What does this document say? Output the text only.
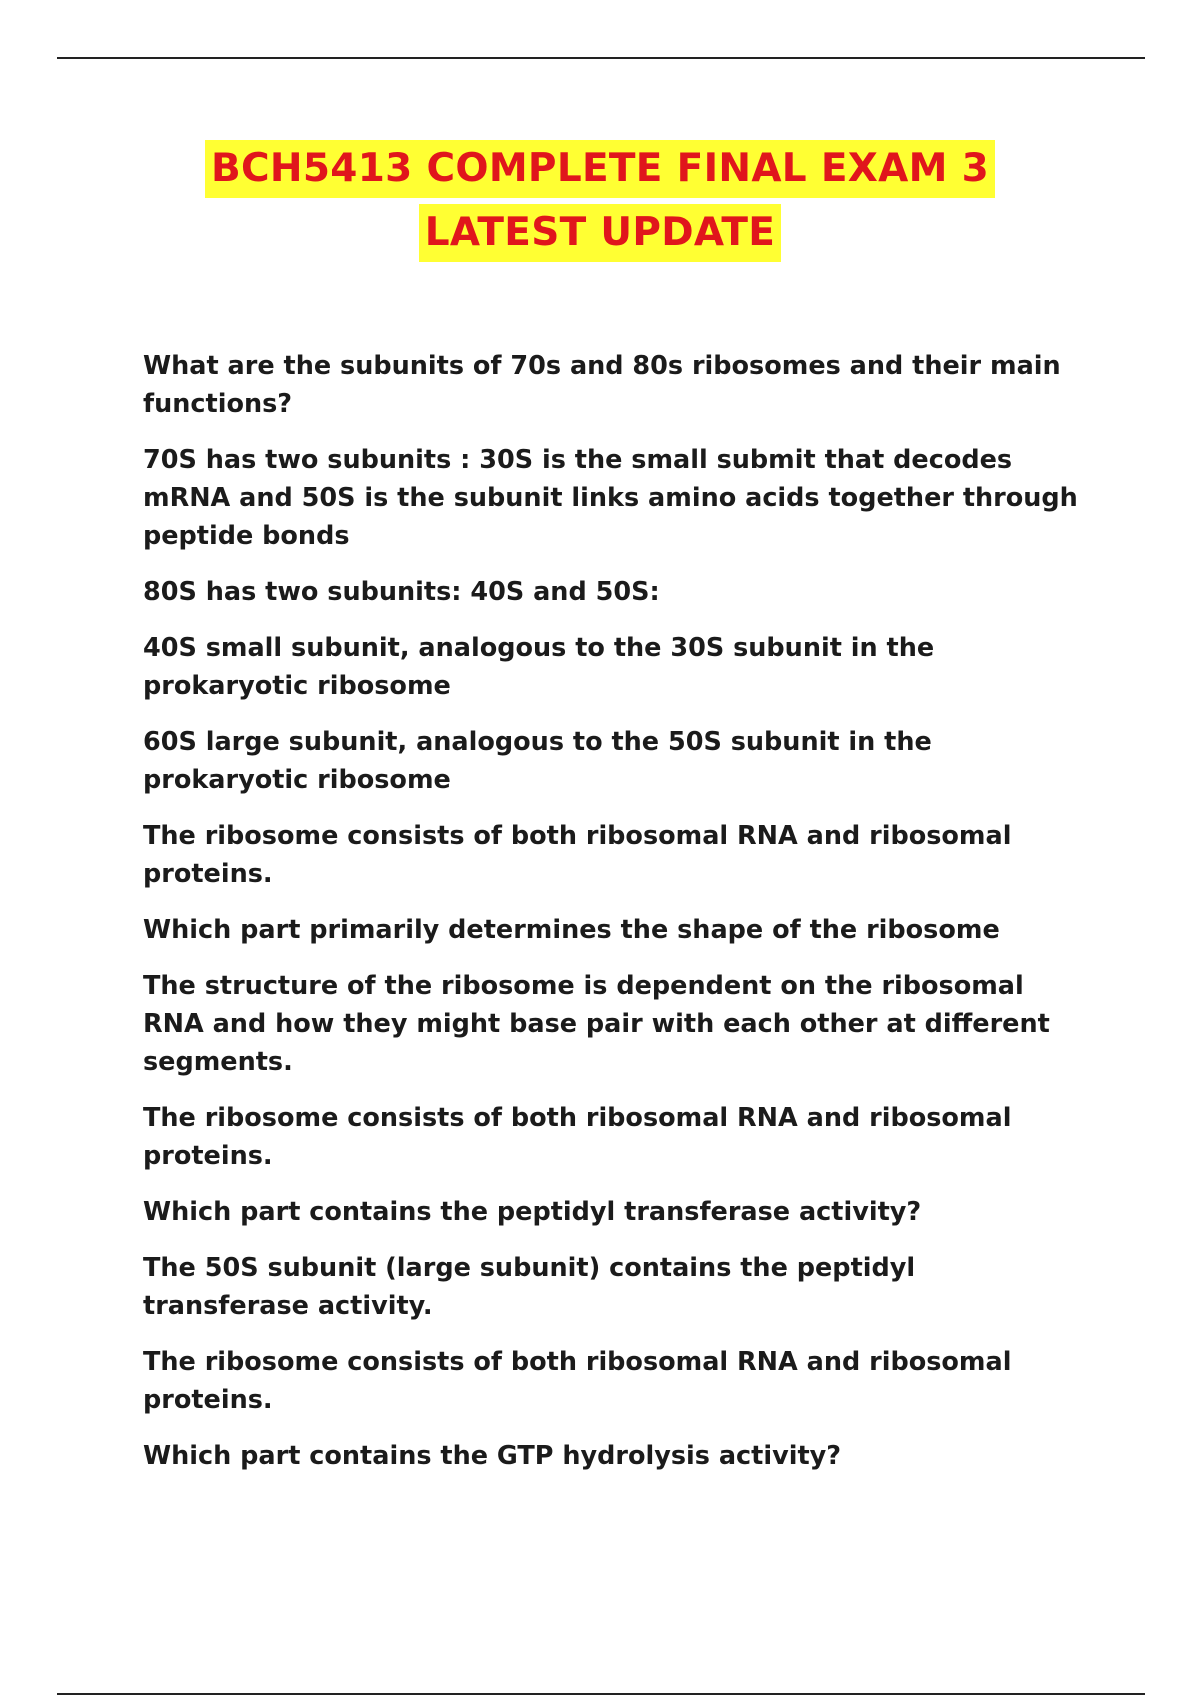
BCH5413 COMPLETE FINAL EXAM 3
LATEST UPDATE

What are the subunits of 70s and 80s ribosomes and their main functions?

70S has two subunits : 30S is the small submit that decodes mRNA and 50S is the subunit links amino acids together through peptide bonds

80S has two subunits: 40S and 50S:

40S small subunit, analogous to the 30S subunit in the prokaryotic ribosome

60S large subunit, analogous to the 50S subunit in the prokaryotic ribosome

The ribosome consists of both ribosomal RNA and ribosomal proteins.

Which part primarily determines the shape of the ribosome

The structure of the ribosome is dependent on the ribosomal RNA and how they might base pair with each other at different segments.

The ribosome consists of both ribosomal RNA and ribosomal proteins.

Which part contains the peptidyl transferase activity?

The 50S subunit (large subunit) contains the peptidyl transferase activity.

The ribosome consists of both ribosomal RNA and ribosomal proteins.

Which part contains the GTP hydrolysis activity?
